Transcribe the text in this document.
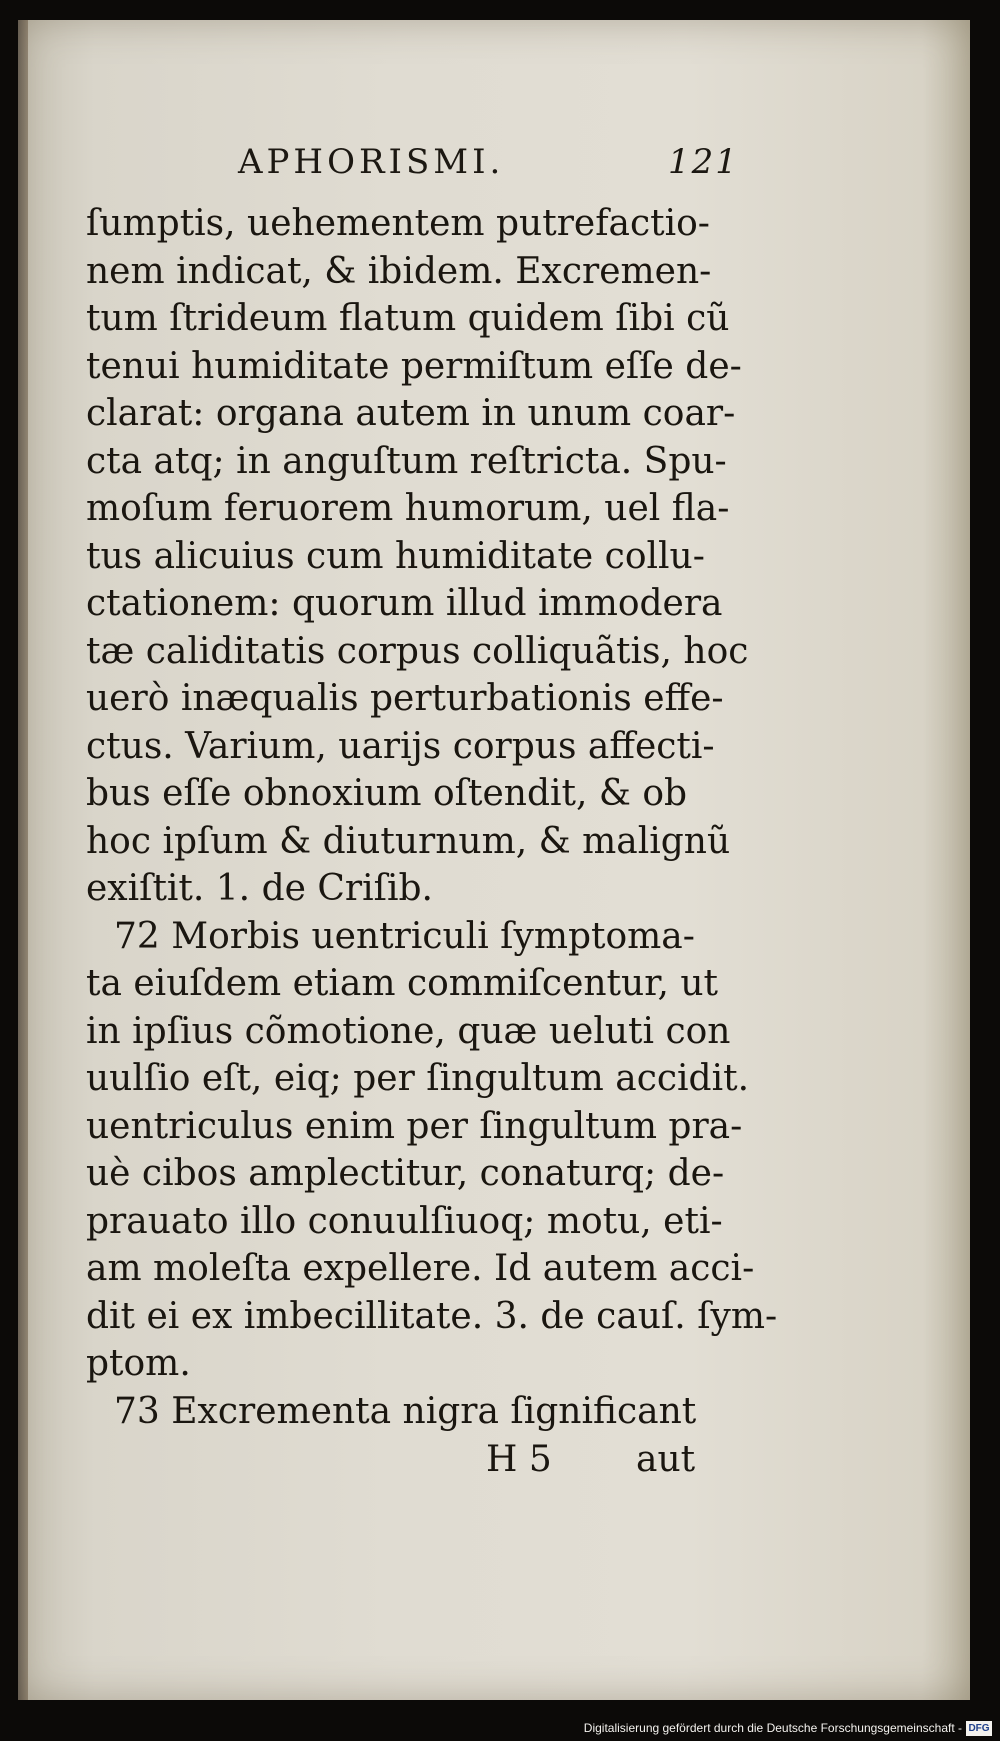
APHORISMI.	121
ſumptis, uehementem putrefactio-
nem indicat, & ibidem. Excremen-
tum ſtrideum flatum quidem ſibi cũ
tenui humiditate permiſtum eſſe de-
clarat: organa autem in unum coar-
cta atq; in anguſtum reſtricta. Spu-
moſum feruorem humorum, uel fla-
tus alicuius cum humiditate collu-
ctationem: quorum illud immodera
tæ caliditatis corpus colliquãtis, hoc
uerò inæqualis perturbationis effe-
ctus. Varium, uarijs corpus affecti-
bus eſſe obnoxium oſtendit, & ob
hoc ipſum & diuturnum, & malignũ
exiſtit. 1. de Criſib.
72 Morbis uentriculi ſymptoma-
ta eiuſdem etiam commiſcentur, ut
in ipſius cõmotione, quæ ueluti con
uulſio eſt, eiq; per ſingultum accidit.
uentriculus enim per ſingultum pra-
uè cibos amplectitur, conaturq; de-
prauato illo conuulſiuoq; motu, eti-
am moleſta expellere. Id autem acci-
dit ei ex imbecillitate. 3. de cauſ. ſym-
ptom.
73 Excrementa nigra ſignificant
H 5 aut
Digitalisierung gefördert durch die Deutsche Forschungsgemeinschaft - DFG
